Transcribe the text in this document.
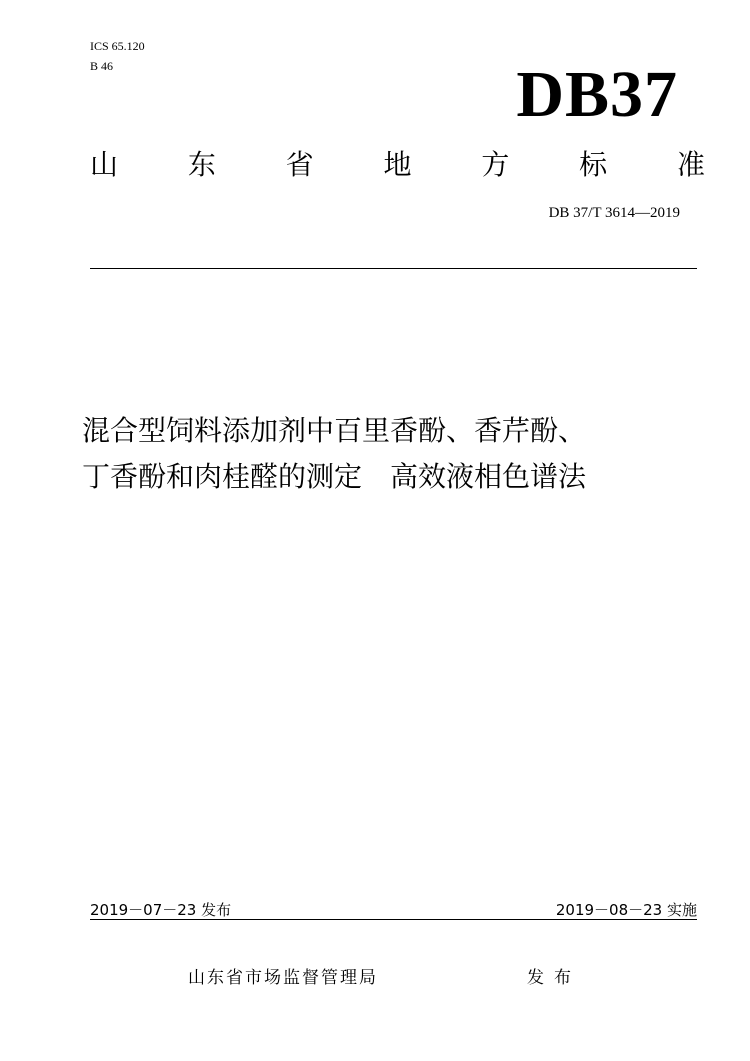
ICS 65.120
B 46	DB37
山 东 省 地 方 标 准
DB 37/T 3614—2019
混合型饲料添加剂中百里香酚、香芹酚、
丁香酚和肉桂醛的测定　高效液相色谱法
2019－07－23 发布	2019－08－23 实施
山东省市场监督管理局	发布
